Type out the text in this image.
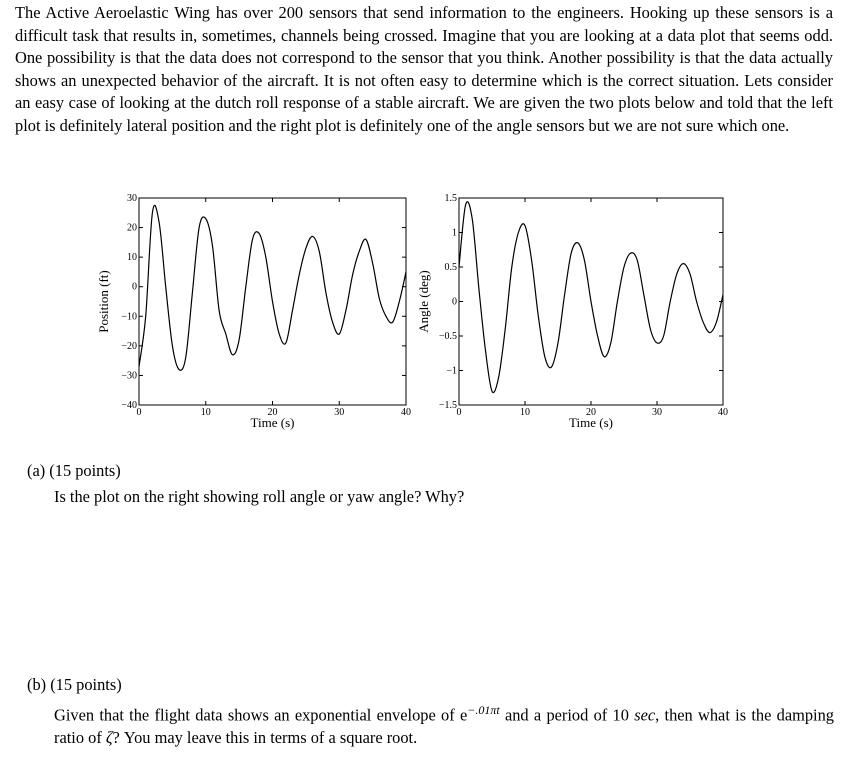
The Active Aeroelastic Wing has over 200 sensors that send information to the engineers. Hooking up these sensors is a difficult task that results in, sometimes, channels being crossed. Imagine that you are looking at a data plot that seems odd. One possibility is that the data does not correspond to the sensor that you think. Another possibility is that the data actually shows an unexpected behavior of the aircraft. It is not often easy to determine which is the correct situation. Lets consider an easy case of looking at the dutch roll response of a stable aircraft. We are given the two plots below and told that the left plot is definitely lateral position and the right plot is definitely one of the angle sensors but we are not sure which one.

0	10	20	30	40
−40
−30
−20
−10
0
10
20
30
Time (s)
Position (ft)
0	10	20	30	40
−1.5
−1
−0.5
0
0.5
1
1.5
Time (s)
Angle (deg)
(a) (15 points)
Is the plot on the right showing roll angle or yaw angle? Why?
(b) (15 points)
Given that the flight data shows an exponential envelope of $e^{-.01\pi t}$ and a period of 10 sec, then what is the damping ratio of ζ? You may leave this in terms of a square root.
